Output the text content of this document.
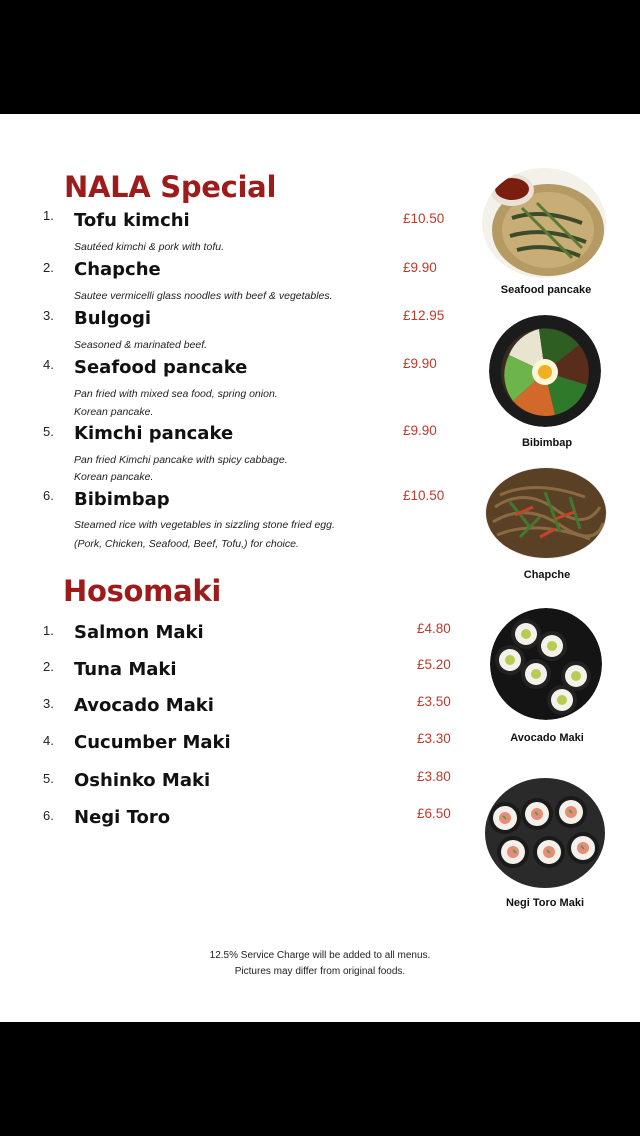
NALA Special
1. Tofu kimchi	£10.50
Sautéed kimchi & pork with tofu.
2. Chapche	£9.90
Sautee vermicelli glass noodles with beef & vegetables.
3. Bulgogi	£12.95
Seasoned & marinated beef.
4. Seafood pancake	£9.90
Pan fried with mixed sea food, spring onion.
Korean pancake.
5. Kimchi pancake	£9.90
Pan fried Kimchi pancake with spicy cabbage.
Korean pancake.
6. Bibimbap	£10.50
Steamed rice with vegetables in sizzling stone fried egg.
(Pork, Chicken, Seafood, Beef, Tofu,) for choice.
Hosomaki
1. Salmon Maki	£4.80
2. Tuna Maki	£5.20
3. Avocado Maki	£3.50
4. Cucumber Maki	£3.30
5. Oshinko Maki	£3.80
6. Negi Toro	£6.50
Seafood pancake
Bibimbap
Chapche
Avocado Maki
Negi Toro Maki
12.5% Service Charge will be added to all menus.
Pictures may differ from original foods.
